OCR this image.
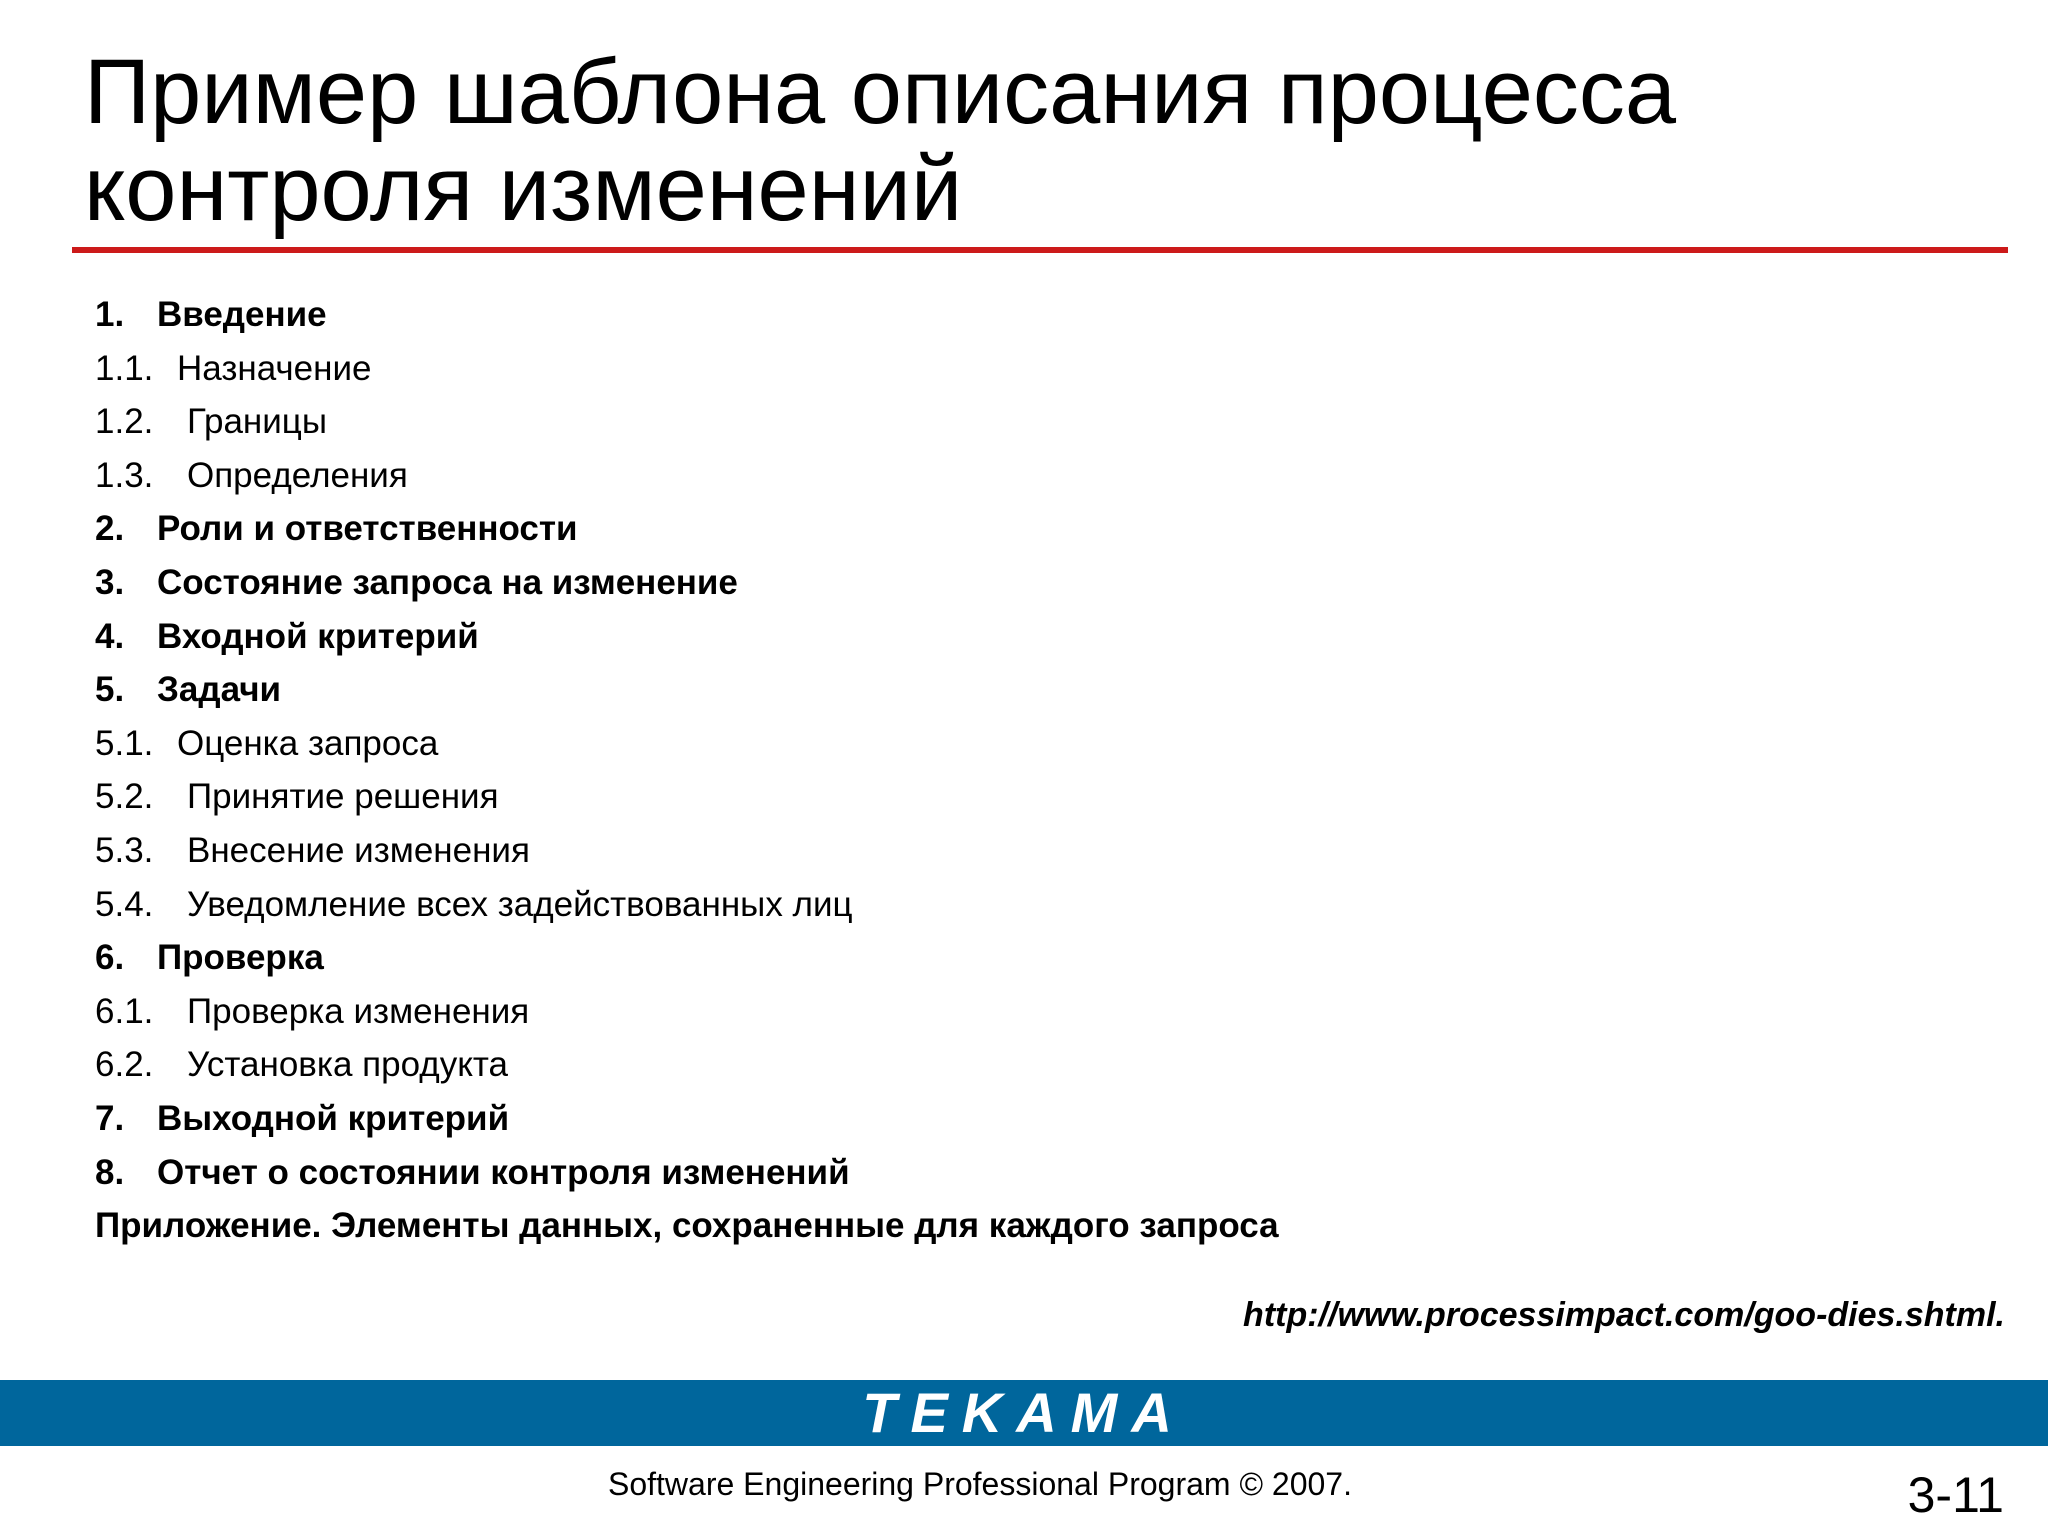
Пример шаблона описания процесса
контроля изменений
1. Введение
1.1. Назначение
1.2. Границы
1.3. Определения
2. Роли и ответственности
3. Состояние запроса на изменение
4. Входной критерий
5. Задачи
5.1. Оценка запроса
5.2. Принятие решения
5.3. Внесение изменения
5.4. Уведомление всех задействованных лиц
6. Проверка
6.1. Проверка изменения
6.2. Установка продукта
7. Выходной критерий
8. Отчет о состоянии контроля изменений
Приложение. Элементы данных, сохраненные для каждого запроса
http://www.processimpact.com/goo-dies.shtml.
TEKAMA
Software Engineering Professional Program © 2007.	3-11
